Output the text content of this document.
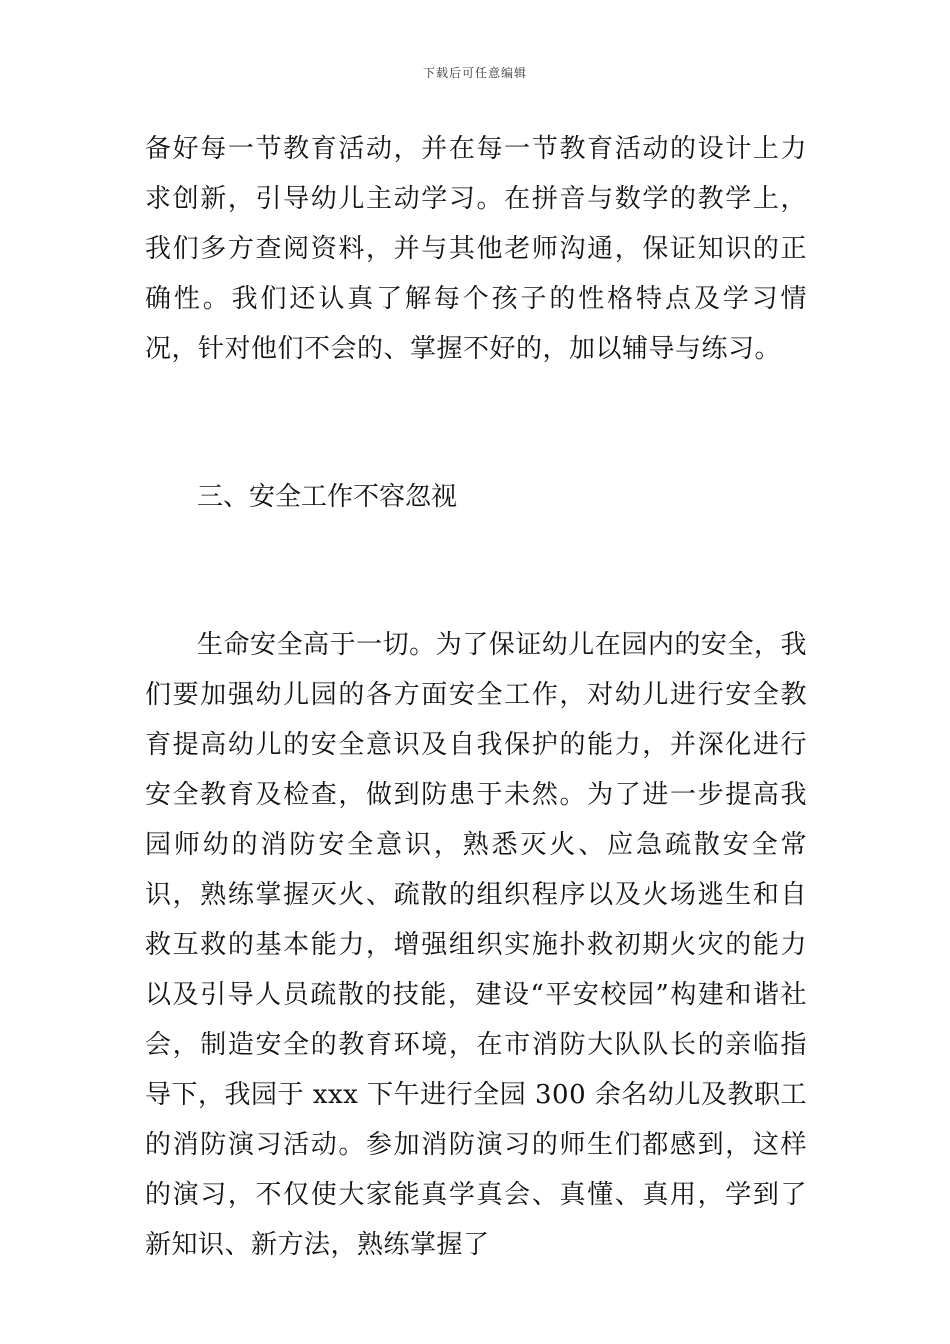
下载后可任意编辑

备好每一节教育活动，并在每一节教育活动的设计上力求创新，引导幼儿主动学习。在拼音与数学的教学上，我们多方查阅资料，并与其他老师沟通，保证知识的正确性。我们还认真了解每个孩子的性格特点及学习情况，针对他们不会的、掌握不好的，加以辅导与练习。

三、安全工作不容忽视

生命安全高于一切。为了保证幼儿在园内的安全，我们要加强幼儿园的各方面安全工作，对幼儿进行安全教育提高幼儿的安全意识及自我保护的能力，并深化进行安全教育及检查，做到防患于未然。为了进一步提高我园师幼的消防安全意识，熟悉灭火、应急疏散安全常识，熟练掌握灭火、疏散的组织程序以及火场逃生和自救互救的基本能力，增强组织实施扑救初期火灾的能力以及引导人员疏散的技能，建设“平安校园”构建和谐社会，制造安全的教育环境，在市消防大队队长的亲临指导下，我园于 xxx 下午进行全园 300 余名幼儿及教职工的消防演习活动。参加消防演习的师生们都感到，这样的演习，不仅使大家能真学真会、真懂、真用，学到了新知识、新方法，熟练掌握了
